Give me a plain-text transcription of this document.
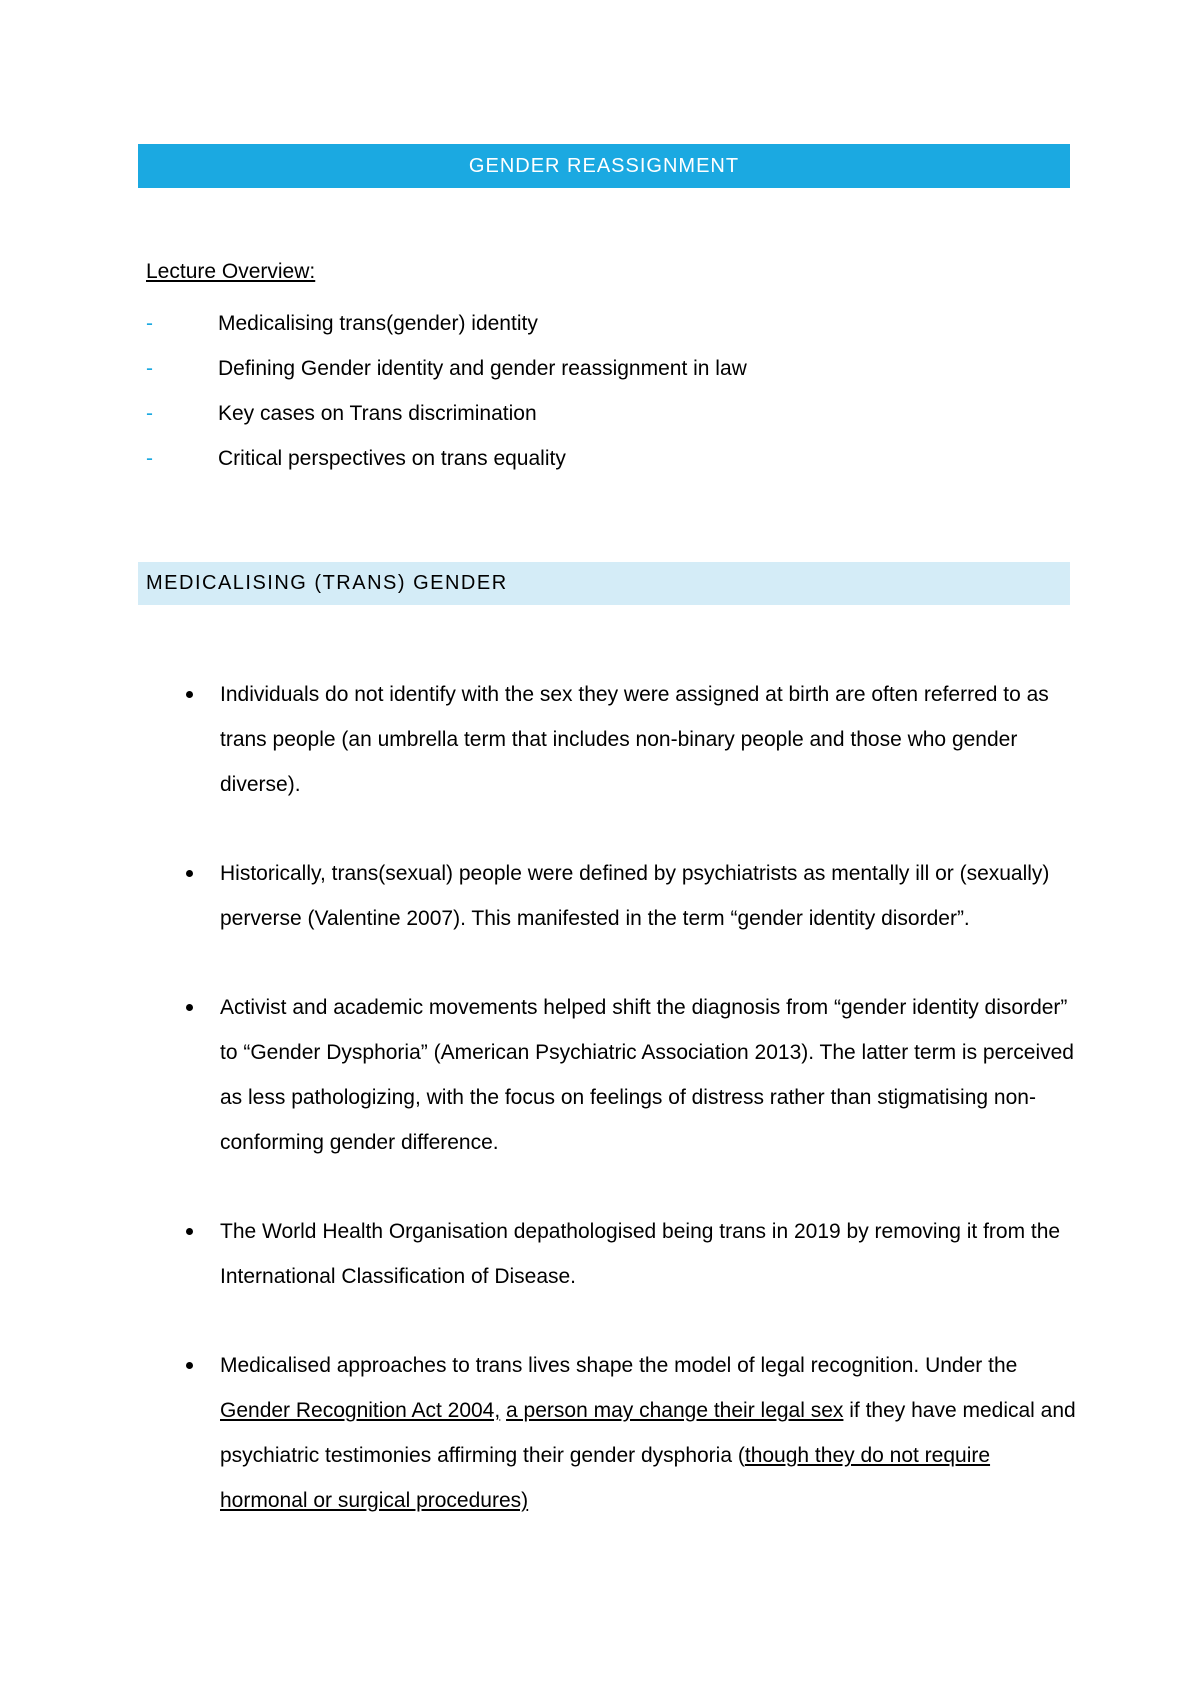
GENDER REASSIGNMENT
Lecture Overview:
-	Medicalising trans(gender) identity
-	Defining Gender identity and gender reassignment in law
-	Key cases on Trans discrimination
-	Critical perspectives on trans equality
MEDICALISING (TRANS) GENDER
Individuals do not identify with the sex they were assigned at birth are often referred to as trans people (an umbrella term that includes non-binary people and those who gender diverse).
Historically, trans(sexual) people were defined by psychiatrists as mentally ill or (sexually) perverse (Valentine 2007). This manifested in the term “gender identity disorder”.
Activist and academic movements helped shift the diagnosis from “gender identity disorder” to “Gender Dysphoria” (American Psychiatric Association 2013). The latter term is perceived as less pathologizing, with the focus on feelings of distress rather than stigmatising non-conforming gender difference.
The World Health Organisation depathologised being trans in 2019 by removing it from the International Classification of Disease.
Medicalised approaches to trans lives shape the model of legal recognition. Under the Gender Recognition Act 2004, a person may change their legal sex if they have medical and psychiatric testimonies affirming their gender dysphoria (though they do not require hormonal or surgical procedures)
